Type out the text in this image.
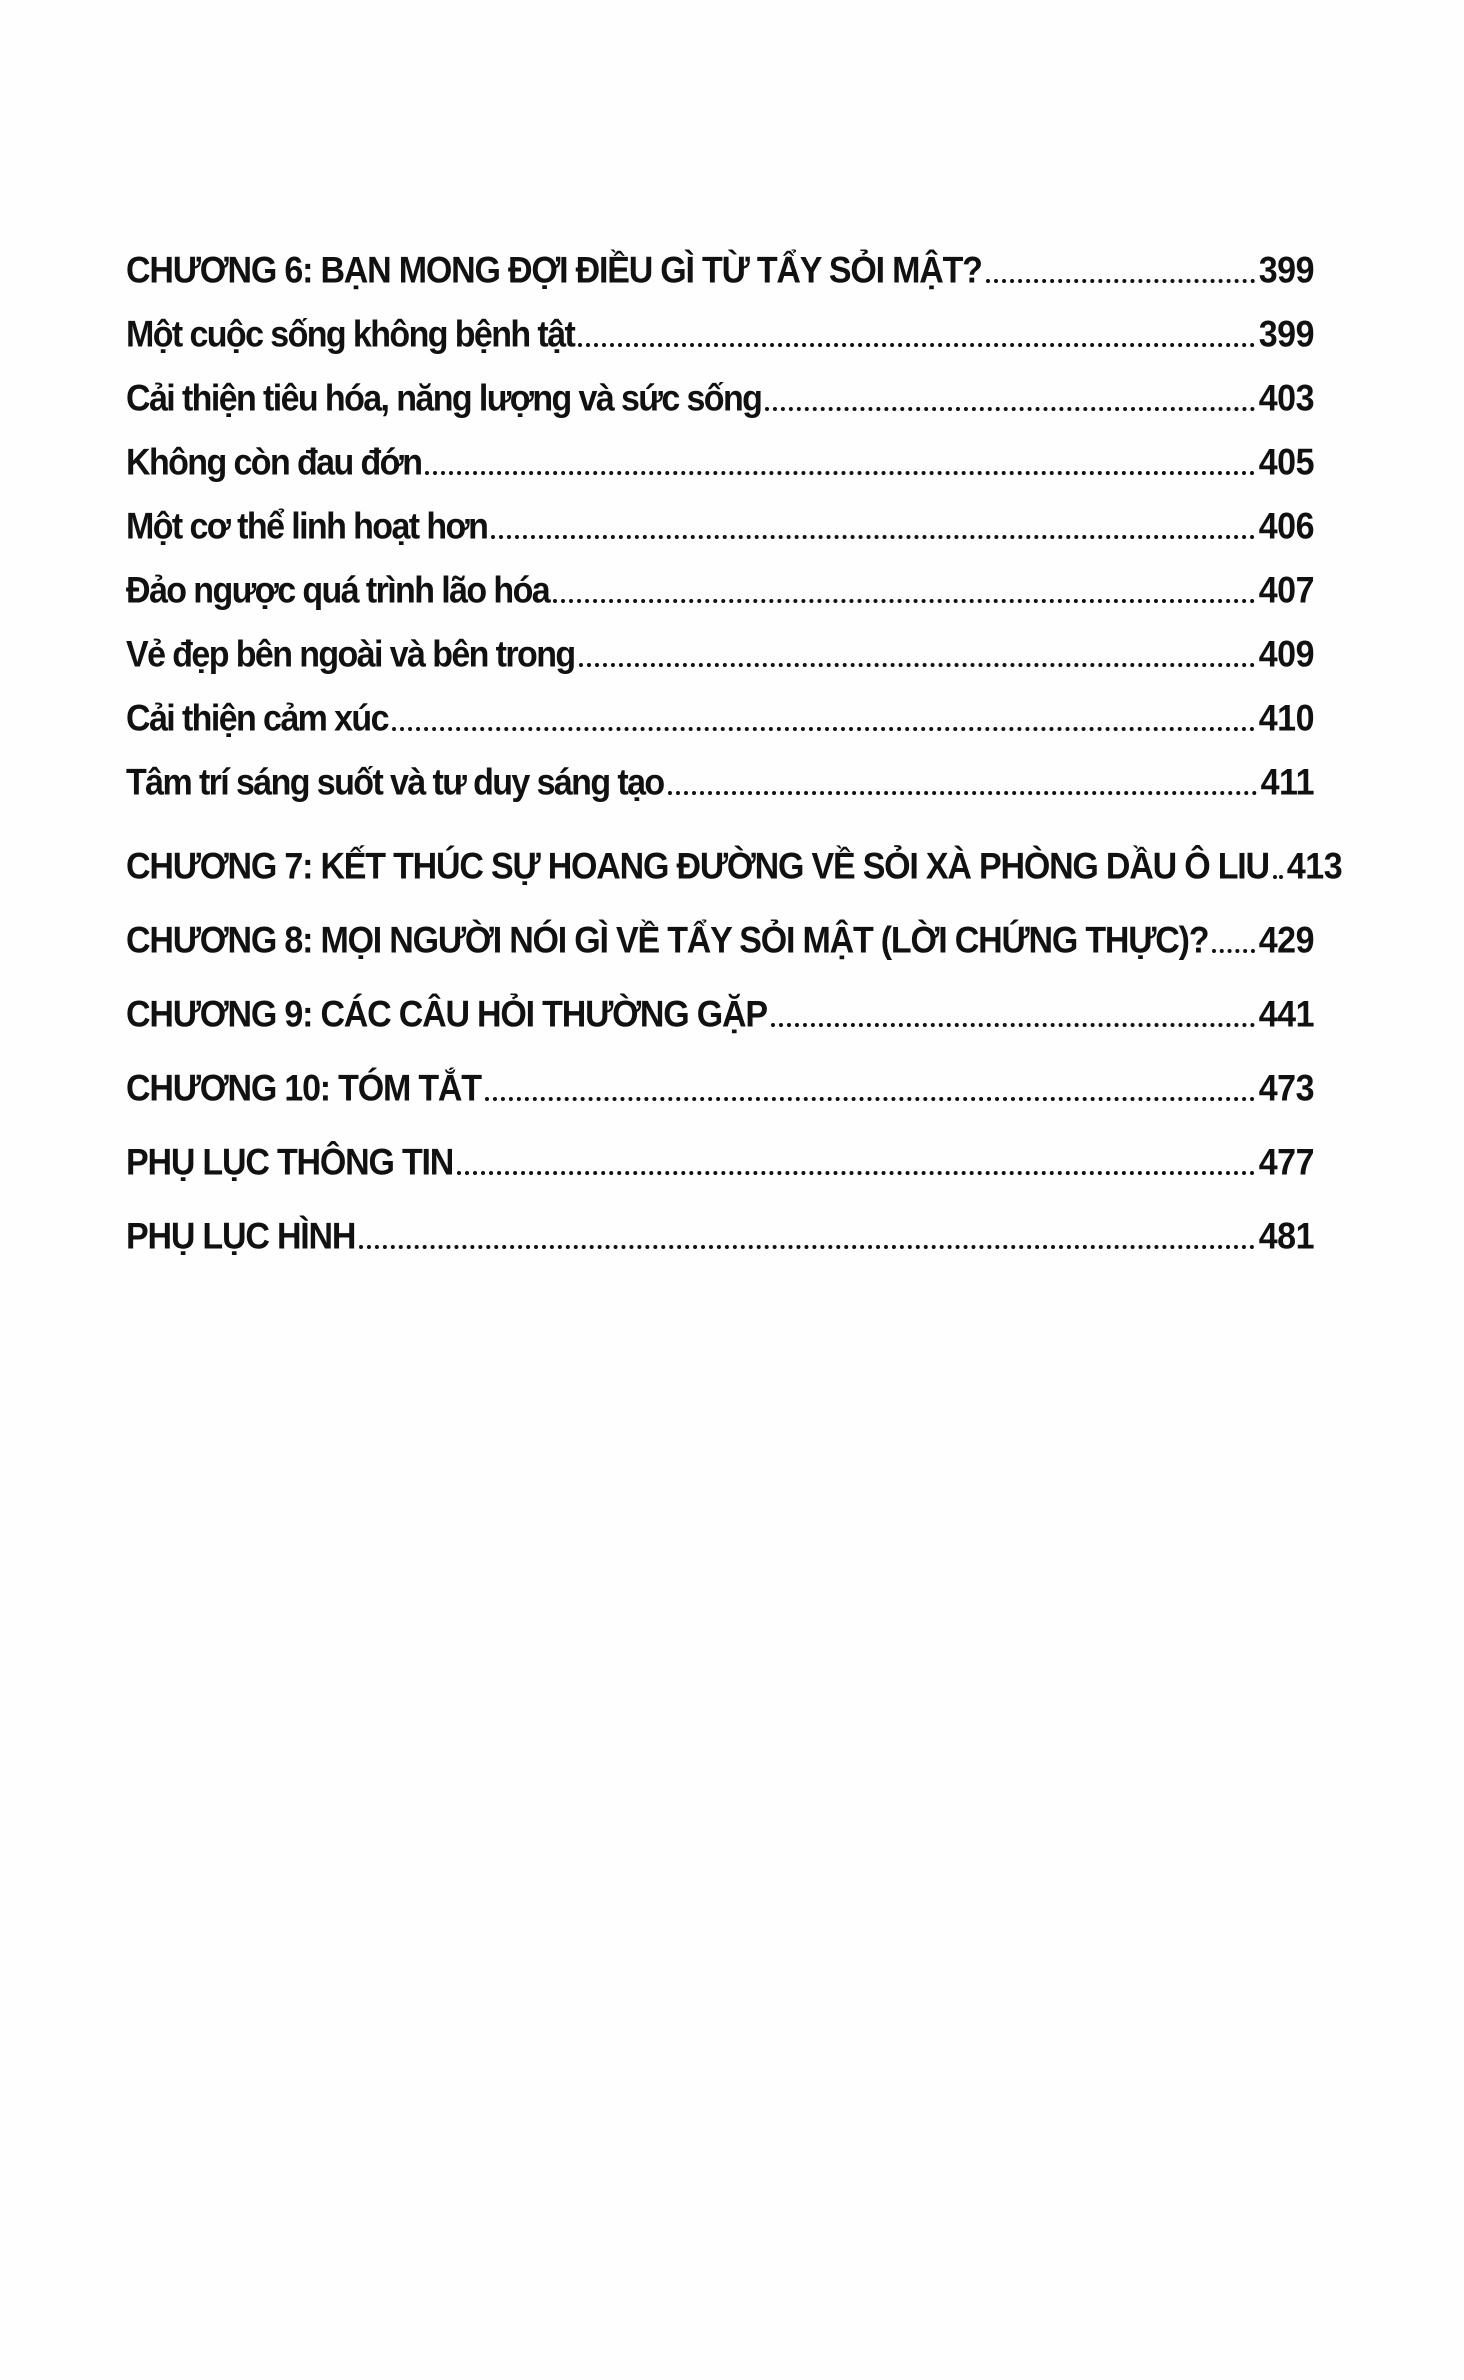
CHƯƠNG 6: BẠN MONG ĐỢI ĐIỀU GÌ TỪ TẨY SỎI MẬT?	399
Một cuộc sống không bệnh tật	399
Cải thiện tiêu hóa, năng lượng và sức sống	403
Không còn đau đớn	405
Một cơ thể linh hoạt hơn	406
Đảo ngược quá trình lão hóa	407
Vẻ đẹp bên ngoài và bên trong	409
Cải thiện cảm xúc	410
Tâm trí sáng suốt và tư duy sáng tạo	411
CHƯƠNG 7: KẾT THÚC SỰ HOANG ĐƯỜNG VỀ SỎI XÀ PHÒNG DẦU Ô LIU 413
CHƯƠNG 8: MỌI NGƯỜI NÓI GÌ VỀ TẨY SỎI MẬT (LỜI CHỨNG THỰC)? 429
CHƯƠNG 9: CÁC CÂU HỎI THƯỜNG GẶP	441
CHƯƠNG 10: TÓM TẮT	473
PHỤ LỤC THÔNG TIN	477
PHỤ LỤC HÌNH	481
